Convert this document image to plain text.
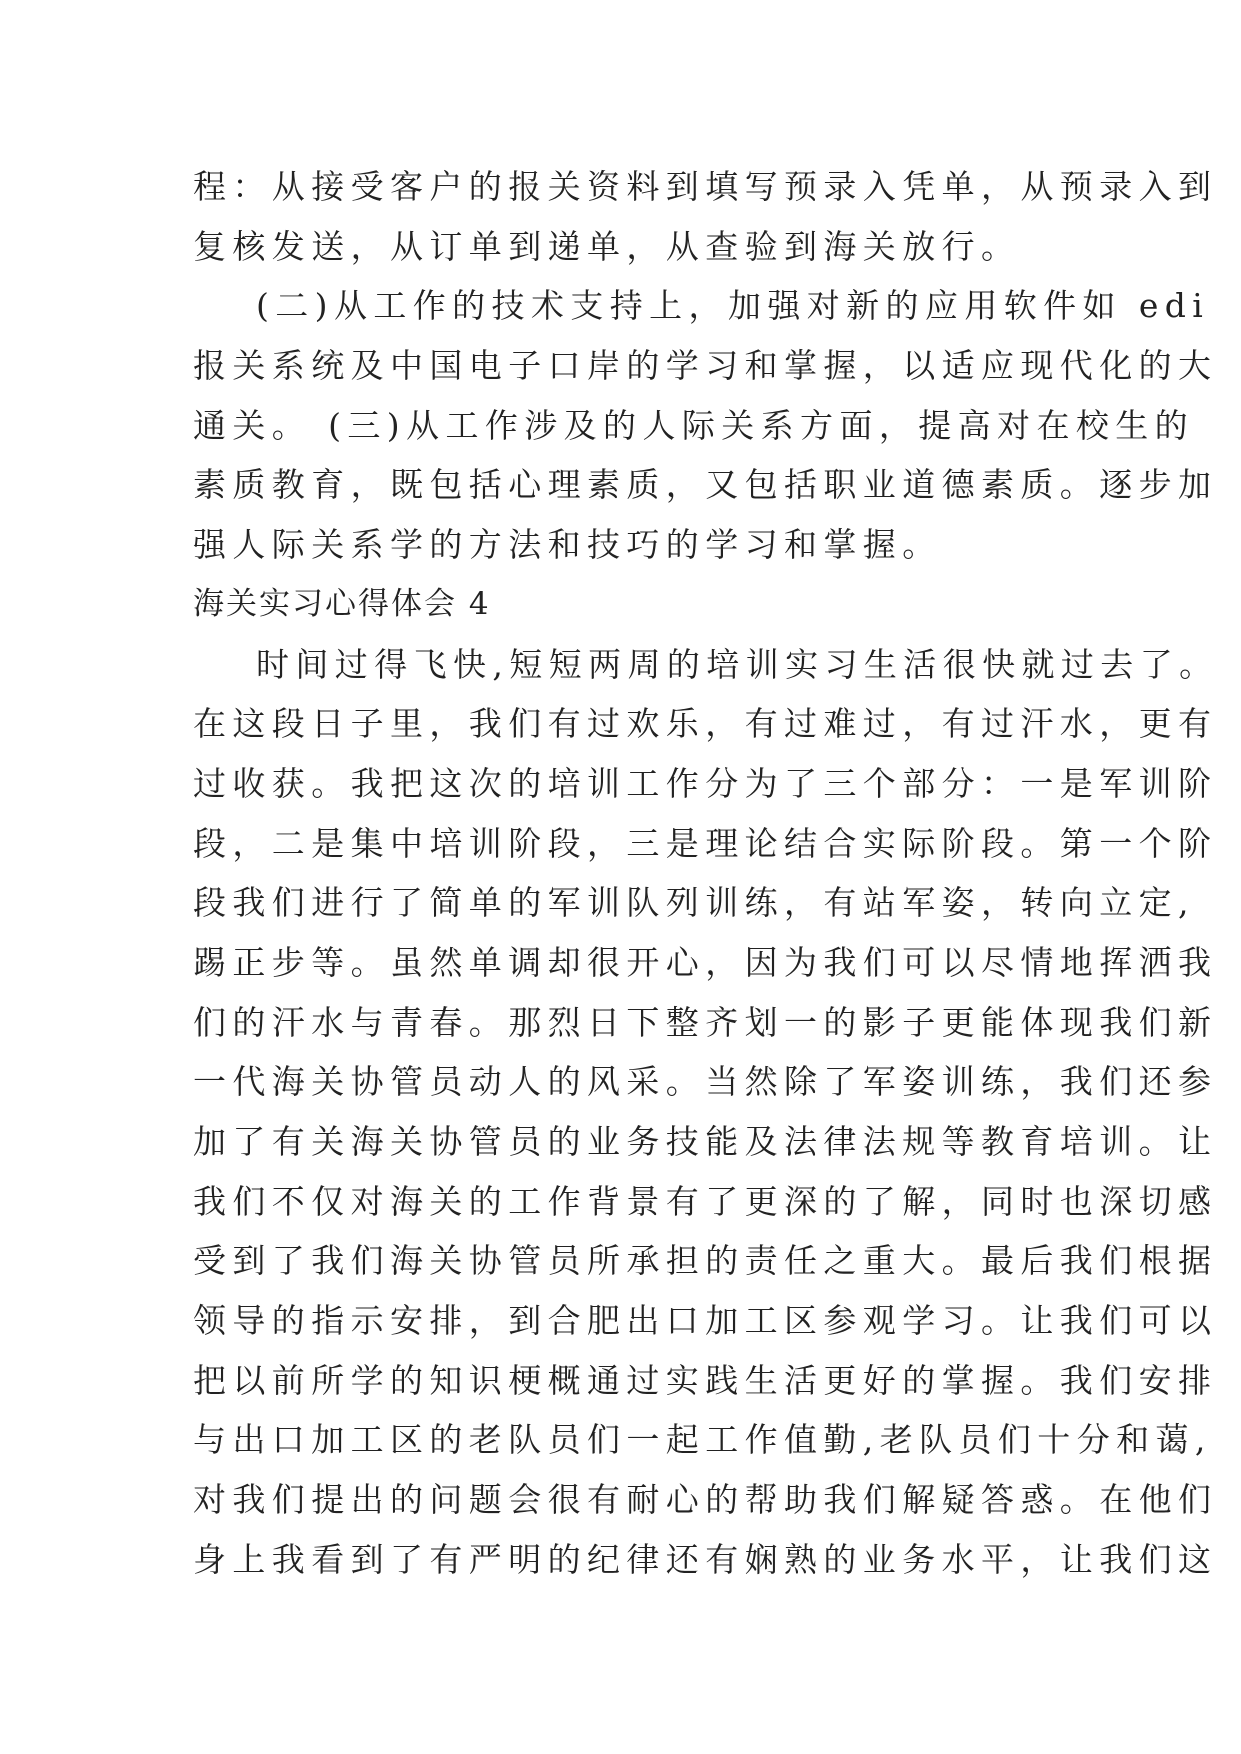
程：从接受客户的报关资料到填写预录入凭单，从预录入到
复核发送，从订单到递单，从查验到海关放行。
(二)从工作的技术支持上，加强对新的应用软件如 edi
报关系统及中国电子口岸的学习和掌握，以适应现代化的大
通关。 (三)从工作涉及的人际关系方面，提高对在校生的
素质教育，既包括心理素质，又包括职业道德素质。逐步加
强人际关系学的方法和技巧的学习和掌握。
海关实习心得体会 4
时间过得飞快,短短两周的培训实习生活很快就过去了。
在这段日子里，我们有过欢乐，有过难过，有过汗水，更有
过收获。我把这次的培训工作分为了三个部分：一是军训阶
段，二是集中培训阶段，三是理论结合实际阶段。第一个阶
段我们进行了简单的军训队列训练，有站军姿，转向立定,
踢正步等。虽然单调却很开心，因为我们可以尽情地挥洒我
们的汗水与青春。那烈日下整齐划一的影子更能体现我们新
一代海关协管员动人的风采。当然除了军姿训练，我们还参
加了有关海关协管员的业务技能及法律法规等教育培训。让
我们不仅对海关的工作背景有了更深的了解，同时也深切感
受到了我们海关协管员所承担的责任之重大。最后我们根据
领导的指示安排，到合肥出口加工区参观学习。让我们可以
把以前所学的知识梗概通过实践生活更好的掌握。我们安排
与出口加工区的老队员们一起工作值勤,老队员们十分和蔼,
对我们提出的问题会很有耐心的帮助我们解疑答惑。在他们
身上我看到了有严明的纪律还有娴熟的业务水平，让我们这
